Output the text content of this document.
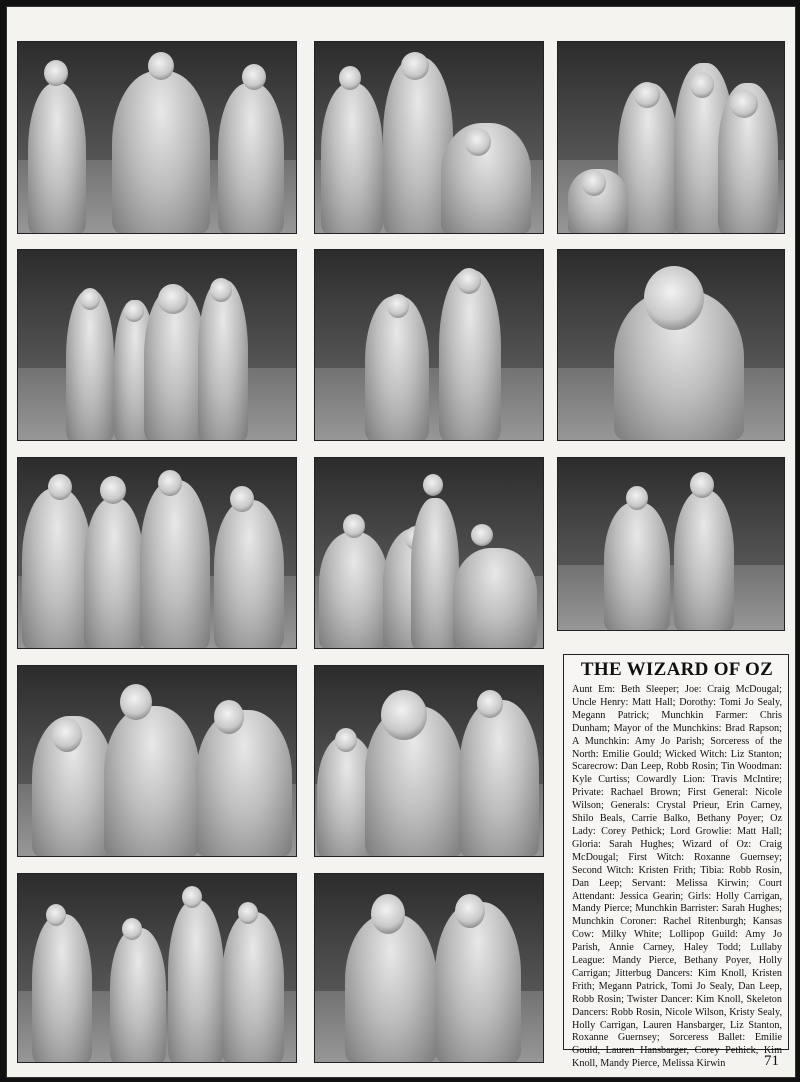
THE WIZARD OF OZ

Aunt Em: Beth Sleeper; Joe: Craig McDougal; Uncle Henry: Matt Hall; Dorothy: Tomi Jo Sealy, Megann Patrick; Munchkin Farmer: Chris Dunham; Mayor of the Munchkins: Brad Rapson; A Munchkin: Amy Jo Parish; Sorceress of the North: Emilie Gould; Wicked Witch: Liz Stanton; Scarecrow: Dan Leep, Robb Rosin; Tin Woodman: Kyle Curtiss; Cowardly Lion: Travis McIntire; Private: Rachael Brown; First General: Nicole Wilson; Generals: Crystal Prieur, Erin Carney, Shilo Beals, Carrie Balko, Bethany Poyer; Oz Lady: Corey Pethick; Lord Growlie: Matt Hall; Gloria: Sarah Hughes; Wizard of Oz: Craig McDougal; First Witch: Roxanne Guernsey; Second Witch: Kristen Frith; Tibia: Robb Rosin, Dan Leep; Servant: Melissa Kirwin; Court Attendant: Jessica Gearin; Girls: Holly Carrigan, Mandy Pierce; Munchkin Barrister: Sarah Hughes; Munchkin Coroner: Rachel Ritenburgh; Kansas Cow: Milky White; Lollipop Guild: Amy Jo Parish, Annie Carney, Haley Todd; Lullaby League: Mandy Pierce, Bethany Poyer, Holly Carrigan; Jitterbug Dancers: Kim Knoll, Kristen Frith; Megann Patrick, Tomi Jo Sealy, Dan Leep, Robb Rosin; Twister Dancer: Kim Knoll, Skeleton Dancers: Robb Rosin, Nicole Wilson, Kristy Sealy, Holly Carrigan, Lauren Hansbarger, Liz Stanton, Roxanne Guernsey; Sorceress Ballet: Emilie Gould, Lauren Hansbarger, Corey Pethick, Kim Knoll, Mandy Pierce, Melissa Kirwin	71
